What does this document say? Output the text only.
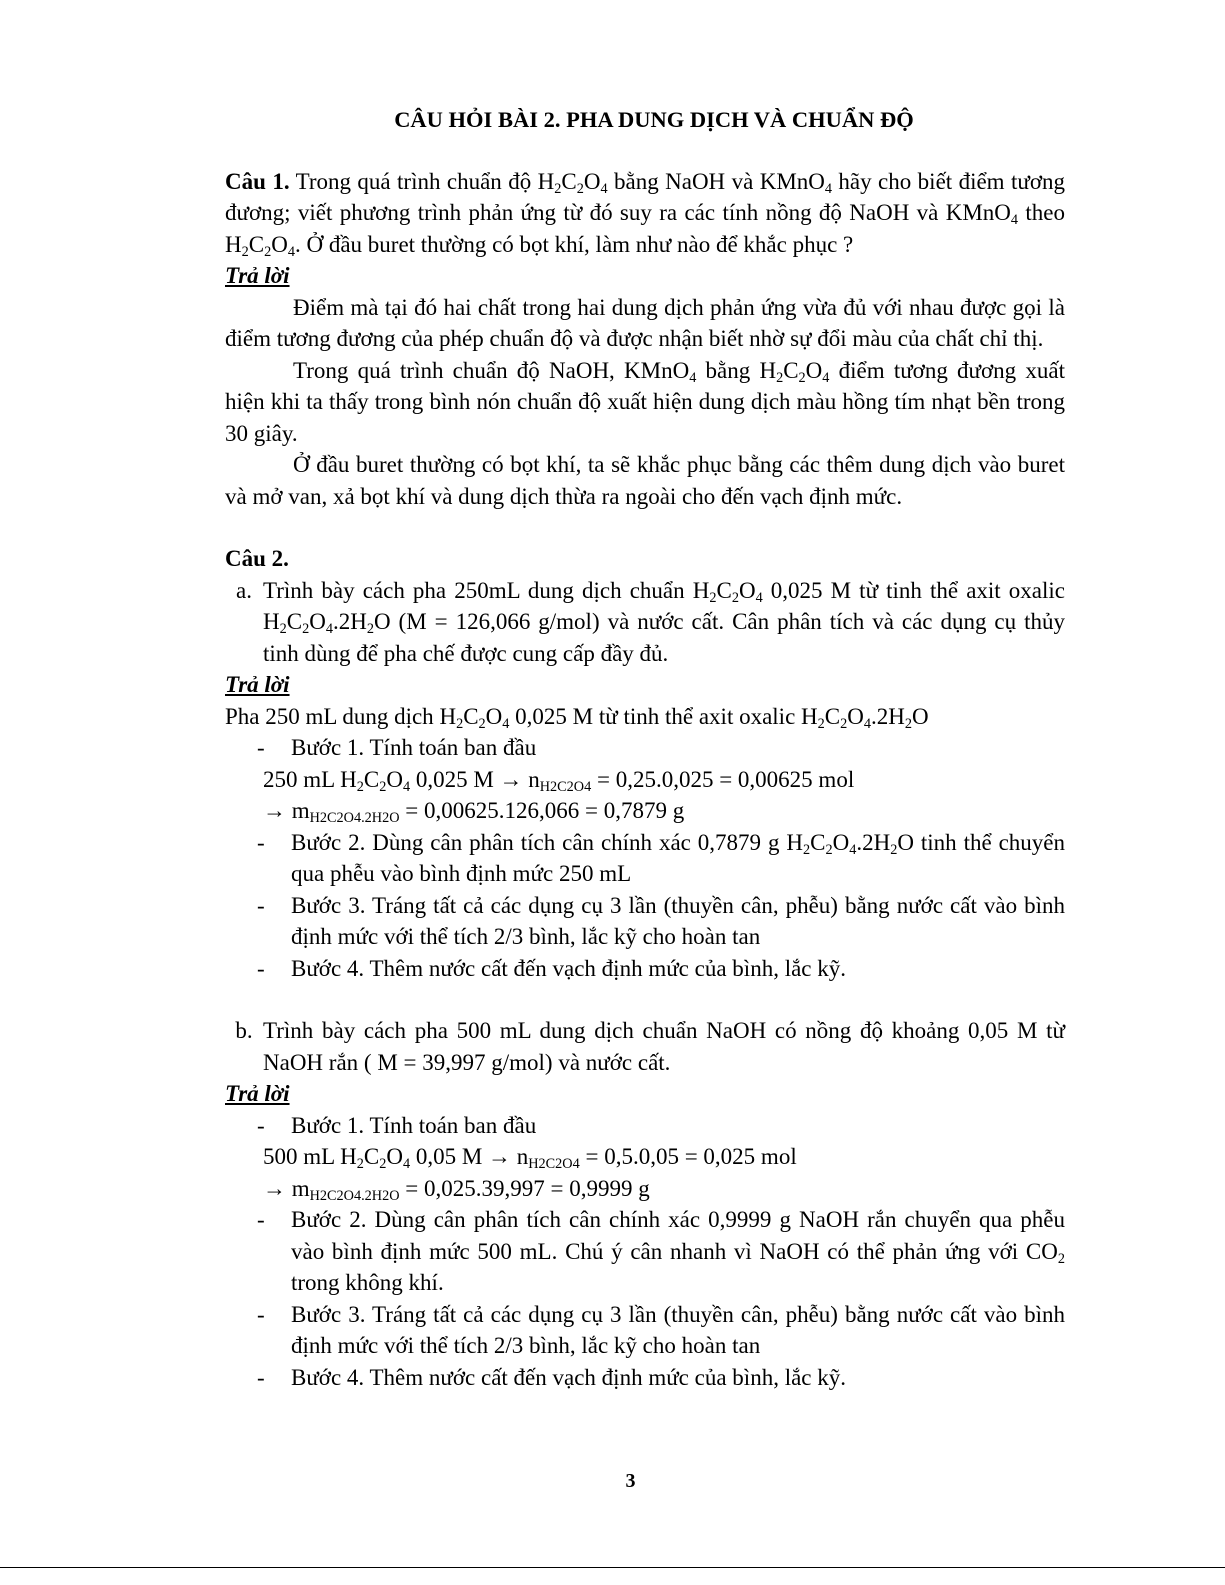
CÂU HỎI BÀI 2. PHA DUNG DỊCH VÀ CHUẨN ĐỘ

Câu 1. Trong quá trình chuẩn độ $H_2C_2O_4$ bằng NaOH và KMnO$_4$ hãy cho biết điểm tương đương; viết phương trình phản ứng từ đó suy ra các tính nồng độ NaOH và KMnO$_4$ theo $H_2C_2O_4$. Ở đầu buret thường có bọt khí, làm như nào để khắc phục ?

Trả lời

Điểm mà tại đó hai chất trong hai dung dịch phản ứng vừa đủ với nhau được gọi là điểm tương đương của phép chuẩn độ và được nhận biết nhờ sự đổi màu của chất chỉ thị.

Trong quá trình chuẩn độ NaOH, KMnO$_4$ bằng $H_2C_2O_4$ điểm tương đương xuất hiện khi ta thấy trong bình nón chuẩn độ xuất hiện dung dịch màu hồng tím nhạt bền trong 30 giây.

Ở đầu buret thường có bọt khí, ta sẽ khắc phục bằng các thêm dung dịch vào buret và mở van, xả bọt khí và dung dịch thừa ra ngoài cho đến vạch định mức.

Câu 2.
a. Trình bày cách pha 250mL dung dịch chuẩn $H_2C_2O_4$ 0,025 M từ tinh thể axit oxalic $H_2C_2O_4.2H_2O$ (M = 126,066 g/mol) và nước cất. Cân phân tích và các dụng cụ thủy tinh dùng để pha chế được cung cấp đầy đủ.
Trả lời

Pha 250 mL dung dịch $H_2C_2O_4$ 0,025 M từ tinh thể axit oxalic $H_2C_2O_4.2H_2O$

-	Bước 1. Tính toán ban đầu
250 mL $H_2C_2O_4$ 0,025 $M \to n_{H2C2O4} = 0,25.0,025 = 0,00625$ mol
→ $m_{H2C2O4.2H2O} = 0,00625.126,066 = 0,7879$ g
-	Bước 2. Dùng cân phân tích cân chính xác 0,7879 g $H_2C_2O_4.2H_2O$ tinh thể chuyển qua phễu vào bình định mức 250 mL
-	Bước 3. Tráng tất cả các dụng cụ 3 lần (thuyền cân, phễu) bằng nước cất vào bình định mức với thể tích 2/3 bình, lắc kỹ cho hoàn tan
-	Bước 4. Thêm nước cất đến vạch định mức của bình, lắc kỹ.
b. Trình bày cách pha 500 mL dung dịch chuẩn NaOH có nồng độ khoảng 0,05 M từ NaOH rắn ( M = 39,997 g/mol) và nước cất.
Trả lời
-	Bước 1. Tính toán ban đầu
500 mL $H_2C_2O_4$ 0,05 $M \to n_{H2C2O4} = 0,5.0,05 = 0,025$ mol
→ $m_{H2C2O4.2H2O} = 0,025.39,997 = 0,9999$ g
-	Bước 2. Dùng cân phân tích cân chính xác 0,9999 g NaOH rắn chuyển qua phễu vào bình định mức 500 mL. Chú ý cân nhanh vì NaOH có thể phản ứng với $CO_2$ trong không khí.
-	Bước 3. Tráng tất cả các dụng cụ 3 lần (thuyền cân, phễu) bằng nước cất vào bình định mức với thể tích 2/3 bình, lắc kỹ cho hoàn tan
-	Bước 4. Thêm nước cất đến vạch định mức của bình, lắc kỹ.
3
